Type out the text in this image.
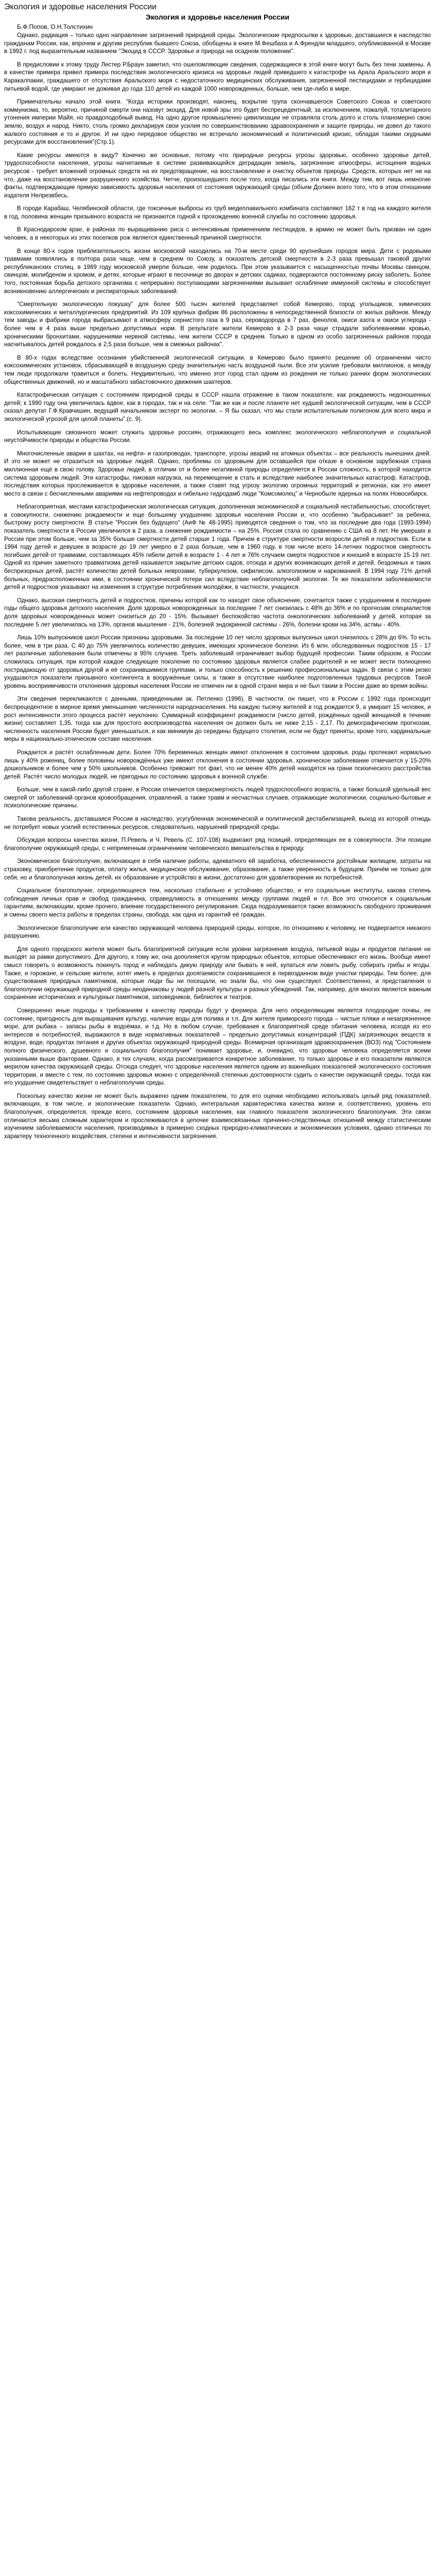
Экология и здоровье населения России
Экология и здоровье населения России
Б.Ф.Попов, О.Н.Толстихин

Однако, радиация – только одно направление загрязнений природной среды. Экологические предпосылки к здоровью, доставшиеся в наследство гражданам России, как, впрочем и другим республик бывшего Союза, обобщены в книге М.Фешбаха и А.Френдли младшего, опубликованной в Москве в 1992 г. под выразительным названием "Экоцид в СССР. Здоровье и природа на осадном положении".

В предисловии к этому труду Лестер Р.Браун заметил, что ошеломляющие сведения, содержащиеся в этой книге могут быть без тени зажмены. А в качестве примера привел примера последствия экологического кризиса на здоровье людей приведшего к катастрофе на Арала Аральского моря и Каракалпакии, граждашего от отсутствия Аральского моря с недостаточного медицинских обслуживания, загрязненной пестицидами и гербицидами питьевой водой, где умирают не доживая до года 110 детей из каждой 1000 новорожденных, больше, чем где-либо в мире.

Примечательны начало этой книги. "Когда историки производят, наконец, вскрытие трупа скончавшегося Советского Союза и советского коммунизма, то, вероятно, причиной смерти они назовут экоцид. Для новой эры это будет беспрецедентный, за исключением, пожалуй, тоталитарного утонения империи Майя, но правдоподобный вывод. На одно другое промышленно цивилизации не отравляла столь долго и столь планомерно свою землю, воздух и народ. Никто, столь громко декларируя свои усилия по совершенствованию здравоохранения и защите природы, не довел до такого жалкого состояния и то и другое. И ни одно передовое общество не встречало экономический и политический кризис, обладая такими скудными ресурсами для восстановления"(Стр.1).

Какие ресурсы имеются в виду? Конечно же основные, потому что природные ресурсы угрозы здоровью, особенно здоровье детей, трудоспособности населения, угрозы нагнетаемые в системе развивающейся деградации земель, загрязнение атмосферы, истощения водных ресурсов - требует вложений огромных средств на их предотвращение, на восстановление и очистку объектов природы. Средств, которых нет ни на что, даже на восстановление разрушенного хозяйства. Четче, произошедшего после того, когда писались эти книги. Между тем, вот лишь немногие факты, подтверждающие прямую зависимость здоровья населения от состояния окружающей среды (объем Должен всего того, что в этом отношении издателя Нелрезвбесь.

В городе Карабаш, Челябинской области, где токсичные выбросы из труб медеплавильного комбината составляют 162 т в год на каждого жителя в год, половина женщин призывного возраста не признаются годной к прохождению военной службы по состоянию здоровья.

В Краснодарском крае, в районах по выращиванию риса с интенсивным применением пестицидов, в армию не может быть призван ни один человек, а в некоторых из этих поселков рож является единственный причиной смертности.

В конце 80-х годов приблизительность жизни московской находились на 70-м месте среди 90 крупнейших городов мира. Дети с родовыми травмами появлялись в полтора раза чаще, чем в среднем по Союзу, а показатель детской смертности в 2-3 раза превышал таковой других республиканских столиц. в 1989 году московской умерли больше, чем родилось. При этом указывается с насыщенностью почвы Москвы свинцом, свинцом, молибденом и хромом, и детях, которые играют в песочнице во дворах и детских садиках, подвергаются постоянному риску заболеть. Более того, постоянная борьба детского организма с непрерывно поступающими загрязнениями вызывает ослабление иммунной системы и способствует возникновению аллергических и респираторных заболеваний.

"Смертельную экологическую покушку" для более 500 тысяч жителей представляет собой Кемерово, город угольщиков, химических коксохимических и металлургических предприятий. Из 109 крупных фабрик 86 расположены в непосредственной близости от жилых районов. Между тем заводы и фабрики города выбрасывают в атмосферу сернистого газа в 9 раз, сероводорода в 7 раз, фенолов, окиси азота и окиси углерода - более чем в 4 раза выше предельно допустимых норм. В результате жители Кемерово в 2-3 раза чаще страдали заболеваниями кровью, хроническими бронхитами, нарушениями нервной системы, чем жители СССР в среднем. Только в одном из особо загрязненных районов города насчитывалось детей рождалось в 2,5 раза больше, чем в смежных районах".

В 80-х годах вследствие осознания убийственной экологической ситуации, в Кемерово было принято решение об ограничении чисто коксохимических установок, сбрасывающей в воздушную среду значительную часть воздушной пыли. Все эти усилия требовали миллионов, а между тем люди продолжали травиться и болеть. Неудивительно, что именно этот город стал одним из рождения не только ранних форм экологических общественных движений, но и масштабного забастовочного движения шахтеров.

Катастрофическая ситуация с состоянием природной среды в СССР нашла отражение в таком показателе, как рождаемость недоношенных детей; к 1990 году она увеличилась вдвое, как в городах, так и на селе. "Так же как и после планете нет худшей экологической ситуации, чем в СССР сказал депутат Г.Ф.Кравчишин, ведущий начальником экстерт по экологии. – Я бы сказал, что мы стали испытательным полигоном для всего мира и экологической угрозой для целой планеты".(с. 9).

Испытывающие связанного может служить здоровье россиян, отражающего весь комплекс экологического неблагополучия и социальной неустойчивости природы и общества России.

Многочисленные аварии в шахтах, на нефти- и газопроводах, транспорте, угрозы аварий на атомных объектах – все реальность нынешних дней. И это не может не отразиться на здоровье людей. Однако, проблемы со здоровьем для оставшейся при отказе в основном зарубежная страна миллионная ещё в свою голову. Здоровье людей, в отличии от и более негативной природы определяется в России сложность, в которой находится система здоровьем людей. Эти катастрофы, пиковая нагрузка, на перемещение в стать и вследствие наиболее значительных катастроф. Катастроф, последствия которых прослеживается в здоровье населения, а также ставят под угрозу экологию огромных территорий и регионах, как это имеет место в связи с бесчисленными авариями на нефтепроводах и гибельно гидродамб люди "Комсомолец" и Чернобыле ядерных на полях Новосибирск.

Неблагоприятная, местами катастрофическая экологическая ситуация, дополненная экономической и социальной нестабильностью, способствует, в совокупности, снижению рождаемости и еще большему ухудшению здоровья населения России и, что особенно "выбрасывает" за ребенка, быстрому росту смертности. В статье "Россия без будущего" (АиФ № 48-1995) приводятся сведения о том, что за последние два года (1993-1994) показатель смертности в России увеличился в 2 раза, а снижение рождаемости – на 25%. Россия стала по сравнению с США на 8 лет. Не умерших в России при этом больше, чем за 35% больше смертности детей старше 1 года. Причем в структуре смертности возросли детей и подростков. Если в 1994 году детей и девушек в возрасте до 19 лет умерло в 2 раза больше, чем в 1960 году, в том числе всего 14-летних подростков смертность погибших детей от травмами, составляющих 45% гибели детей в возрасте 1 - 4 лет и 76% случаем смерти подростков и юношей в возрасте 15-19 лет. Одной из причин заметного травматизма детей называется закрытие детских садов, отсюда и других возникающих детей и детей, бездомных и таких беспризорных детей, растёт количество детей больных неврозами, туберкулезом, сифилисом, алкоголизмом и наркоманией. В 1994 году 71% детей больных, предрасположенных ими, в состоянии хронической потери сил вследствие неблагополучной экологии. Те же показатели заболеваемости детей и подростков указывают на изменения в структуре потребления молодёжи, в частности, учащихся.

Однако, высокая смертность детей и подростков, причины которой как то находят свое объяснение, сочетается также с ухудшением в последние годы общего здоровья детского населения. Доля здоровых новорожденных за последние 7 лет снизилась с 48% до 36% и по прогнозам специалистов доля здоровых новорожденных может снизиться до 20 - 15%. Вызывает беспокойство частота онкологических заболеваний у детей, которая за последние 5 лет увеличилась на 13%, органов мышления - 21%, болезней эндокринной системы - 26%, болезни крови на 34%, астмы - 40%.

Лишь 10% выпускников школ России признаны здоровыми. За последние 10 лет число здоровых выпускных школ снизилось с 28% до 6%. То есть более, чем в три раза. С 40 до 75% увеличилось количество девушек, имеющих хроническое болезни. Из 6 млн. обследованных подростков 15 - 17 лет различные заболевания были отмечены в 95% случаев. Треть заболевший ограничивает выбор будущей профессии. Таким образом, в России сложилась ситуация, при которой каждое следующее поколение по состоянию здоровья является слабее родителей и не может вести полноценно пострадающую от здоровья другой и её сохранившимися группами, и только способность к решению профессиональных задач. В связи с этим резко ухудшаются показатели призывного контингента в вооружённые силы, а также в отсутствие наиболее подготовленных трудовых ресурсов. Такой уровень восприимчивости отклонения здоровья населения России не отмечен ни в одной стране мира и не был таким в России даже во время войны.

Эти сведения перекликаются с данными, приведенными ак. Петленко (1996). В частности, он пишет, что в России с 1992 года происходит беспрецедентное в мирное время уменьшение численности народонаселения. На каждую тысячу жителей в год рождается 9, а умирает 15 человек, и рост интенсивности этого процесса растёт неуклонно. Суммарный коэффициент рождаемости (число детей, рождённых одной женщиной в течение жизни) составляет 1,35, тогда как для простого воспроизводства населения он должен быть не ниже 2,15 - 2,17. По демографическим прогнозам, численность населения России будет уменьшаться, и как минимум до середины будущего столетия, если не будут приняты, кроме того, кардинальные меры в национально-этническом составе населения.

Рождается и растёт ослабленным дети. Более 70% беременных женщин имеют отклонения в состоянии здоровья, роды протекают нормально лишь у 40% рожениц, более половины новорождённых уже имеют отклонения в состоянии здоровья, хроническое заболевание отмечается у 15-20% дошкольников и более чем у 50% школьников. Особенно тревожит тот факт, что не менее 40% детей находятся на грани психического расстройства детей. Растёт число молодых людей, не пригодных по состоянию здоровья к военной службе.

Больше, чем в какой-либо другой стране, в России отмечается сверхсмертность людей трудоспособного возраста, а также большой удельный вес смертей от заболеваний органов кровообращения, отравлений, а также травм и несчастных случаев, отражающие экологически, социально-бытовые и психологические причины.

Такова реальность, доставшаяся России в наследство, усугубленная экономической и политической дестабилизацией, выход из которой отнюдь не потребует новых усилий естественных ресурсов, следовательно, нарушений природной среды.

Обсуждая вопросы качества жизни, П.Ревель и Ч. Ревель (С. 107-108) выдвигают ряд позиций, определяющих ее в совокупности. Эти позиции благополучие окружающей среды, с непременным ограничением человеческого вмешательства в природу.

Экономическое благополучие, включающее в себя наличие работы, адекватного ей заработка, обеспеченности достойным жилищем, затраты на страховку, приобретение продуктов, оплату жилья, медицинское обслуживание, образование, а также уверенность в будущем. Причём не только для себя, но и благополучная жизнь детей, их образование и устройство в жизни, достаточно для удовлетворения их потребностей.

Социальное благополучие, определяющееся тем, насколько стабильно и устойчиво общество, и его социальные институты, какова степень соблюдения личных прав и свобод гражданина, справедливость в отношениях между группами людей и т.п. Все это относится к социальным гарантиям, включающим, кроме прочего, влияние государственного регулирования. Сюда подразумевается также возможность свободного проживания и смены своего места работы в пределах страны, свобода, как одна из гарантий её граждан.

Экологическое благополучие или качество окружающей человека природной среды, которое, по отношению к человеку, не подвергается никакого разрушению.

Для одного городского жителя может быть благоприятной ситуация если уровни загрязнения воздуха, питьевой воды и продуктов питания не выходят за рамки допустимого. Для другого, к тому же, она дополняется кругом природных объектов, которые обеспечивают его жизнь. Вообще имеет смысл говорить о возможность покинуть город и наблюдать дикую природу или бывать в ней, купаться или ловить рыбу, собирать грибы и ягоды. Также, и горожане, и сельские жители, хотят иметь в пределах досягаемости сохранившиеся в первозданном виде участки природы. Тем более, для существования природных памятников, которые люди бы ни посещали, но знали бы, что они существуют. Соответственно, и представления о благополучии окружающей природной среды неодинаковы у людей разной культуры и разных убеждений. Так, например, для многих является важным сохранение исторических и культурных памятников, заповедников, библиотек и театров.

Совершенно иные подходы к требованиям к качеству природы будут у фермера. Для него определяющим является плодородие почвы, ее состояние, пригодность для выращивания культур, наличие воды для полива и т.п. Для жителя приморского города – чистые пляжи и незагрязненное море, для рыбака – запасы рыбы в водоёмах, и т.д. Но в любом случае, требования к благоприятной среде обитания человека, исходя из его интересов и потребностей, выражаются в виде нормативных показателей – предельно допустимых концентраций (ПДК) загрязняющих веществ в воздухе, воде, продуктах питания и других объектах окружающей природной среды. Всемирная организация здравоохранения (ВОЗ) под "Состоянием полного физического, душевного и социального благополучия" понимает здоровье, и, очевидно, что здоровье человека определяется всеми указанными выше факторами. Однако, в тех случаях, когда рассматривается конкретное заболевание, то только здоровье и его показатели являются мерилом качества окружающей среды. Отсюда следует, что здоровье населения является одним из важнейших показателей экологического состояния территории, и вместе с тем, по состоянию здоровья можно с определённой степенью достоверности судить о качестве окружающей среды, тогда как его ухудшение свидетельствует о неблагополучии среды.

Поскольку качество жизни не может быть выражено одним показателем, то для его оценки необходимо использовать целый ряд показателей, включающих, в том числе, и экологические показатели. Однако, интегральная характеристика качества жизни и, соответственно, уровень его благополучия, определяется, прежде всего, состоянием здоровья населения, как главного показателя экологического благополучия. Эти связи отличаются весьма сложным характером и прослеживаются в цепочке взаимосвязанных причинно-следственных отношений между статистическим изучением заболеваемости населения, производимых в примерно сходных природно-климатических и экономических условиях, однако отличных по характеру техногенного воздействия, степени и интенсивности загрязнения.
